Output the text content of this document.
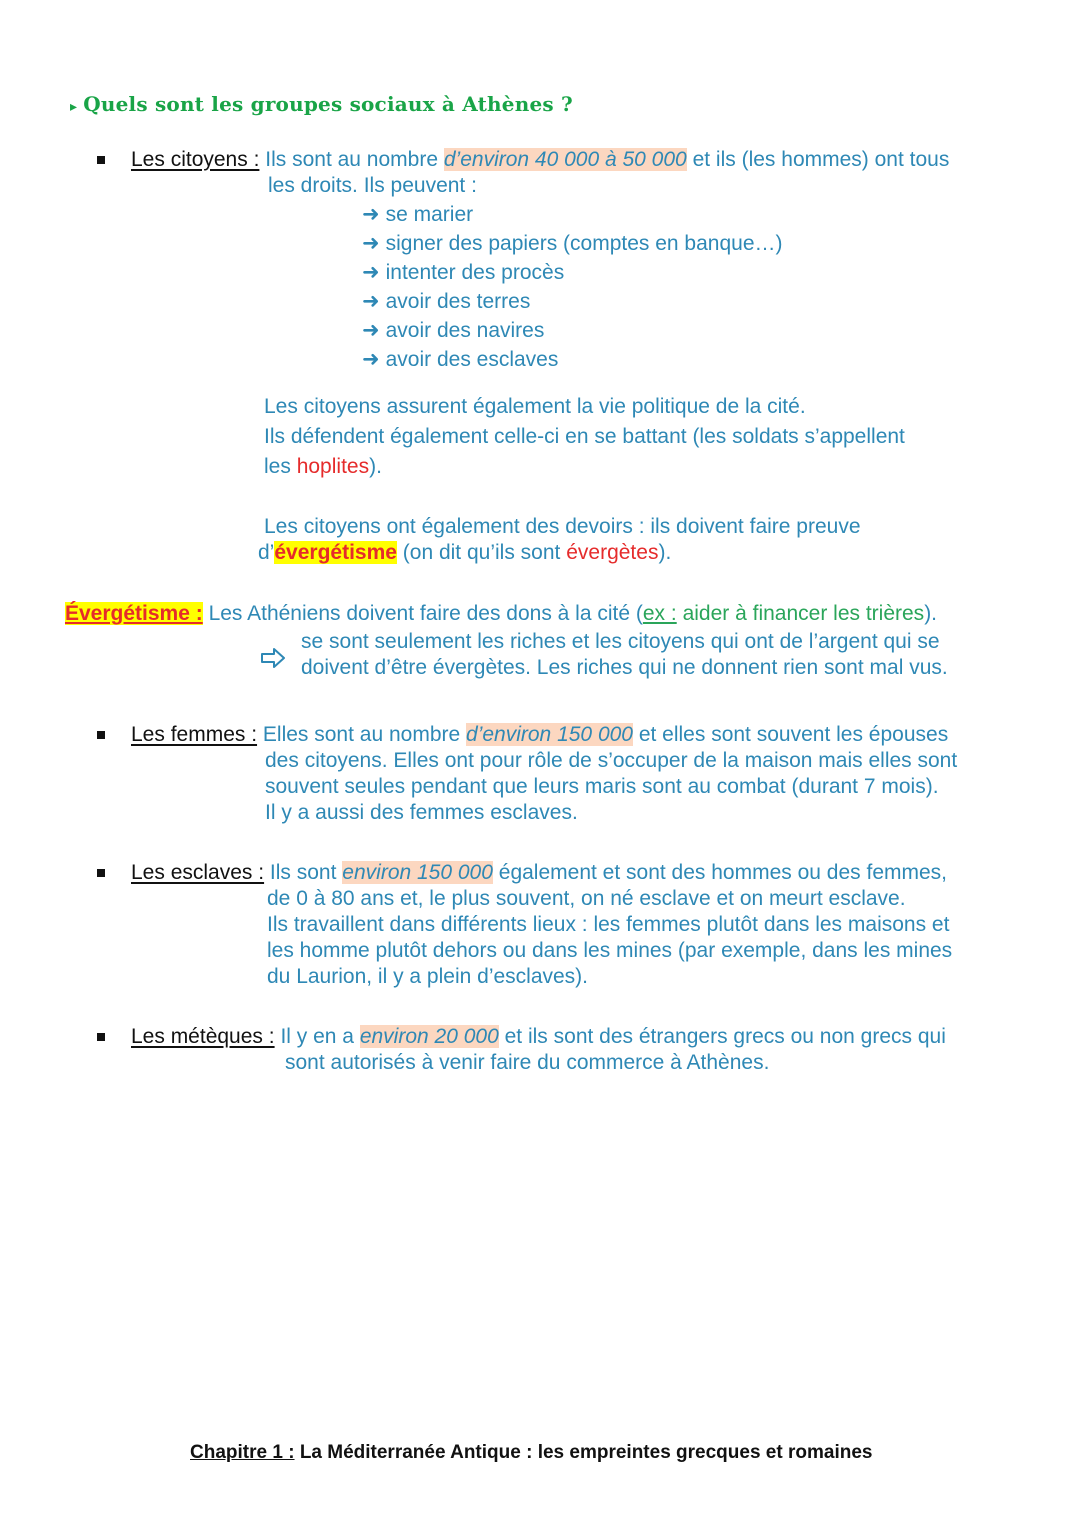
▸ Quels sont les groupes sociaux à Athènes ?
Les citoyens : Ils sont au nombre d’environ 40 000 à 50 000 et ils (les hommes) ont tous
les droits. Ils peuvent :
➜ se marier
➜ signer des papiers (comptes en banque…)
➜ intenter des procès
➜ avoir des terres
➜ avoir des navires
➜ avoir des esclaves
Les citoyens assurent également la vie politique de la cité.
Ils défendent également celle-ci en se battant (les soldats s’appellent
les hoplites).
Les citoyens ont également des devoirs : ils doivent faire preuve
d’évergétisme (on dit qu’ils sont évergètes).
Évergétisme : Les Athéniens doivent faire des dons à la cité (ex : aider à financer les trières).
se sont seulement les riches et les citoyens qui ont de l’argent qui se
doivent d’être évergètes. Les riches qui ne donnent rien sont mal vus.
Les femmes : Elles sont au nombre d’environ 150 000 et elles sont souvent les épouses
des citoyens. Elles ont pour rôle de s’occuper de la maison mais elles sont
souvent seules pendant que leurs maris sont au combat (durant 7 mois).
Il y a aussi des femmes esclaves.
Les esclaves : Ils sont environ 150 000 également et sont des hommes ou des femmes,
de 0 à 80 ans et, le plus souvent, on né esclave et on meurt esclave.
Ils travaillent dans différents lieux : les femmes plutôt dans les maisons et
les homme plutôt dehors ou dans les mines (par exemple, dans les mines
du Laurion, il y a plein d’esclaves).
Les métèques : Il y en a environ 20 000 et ils sont des étrangers grecs ou non grecs qui
sont autorisés à venir faire du commerce à Athènes.
Chapitre 1 : La Méditerranée Antique : les empreintes grecques et romaines
